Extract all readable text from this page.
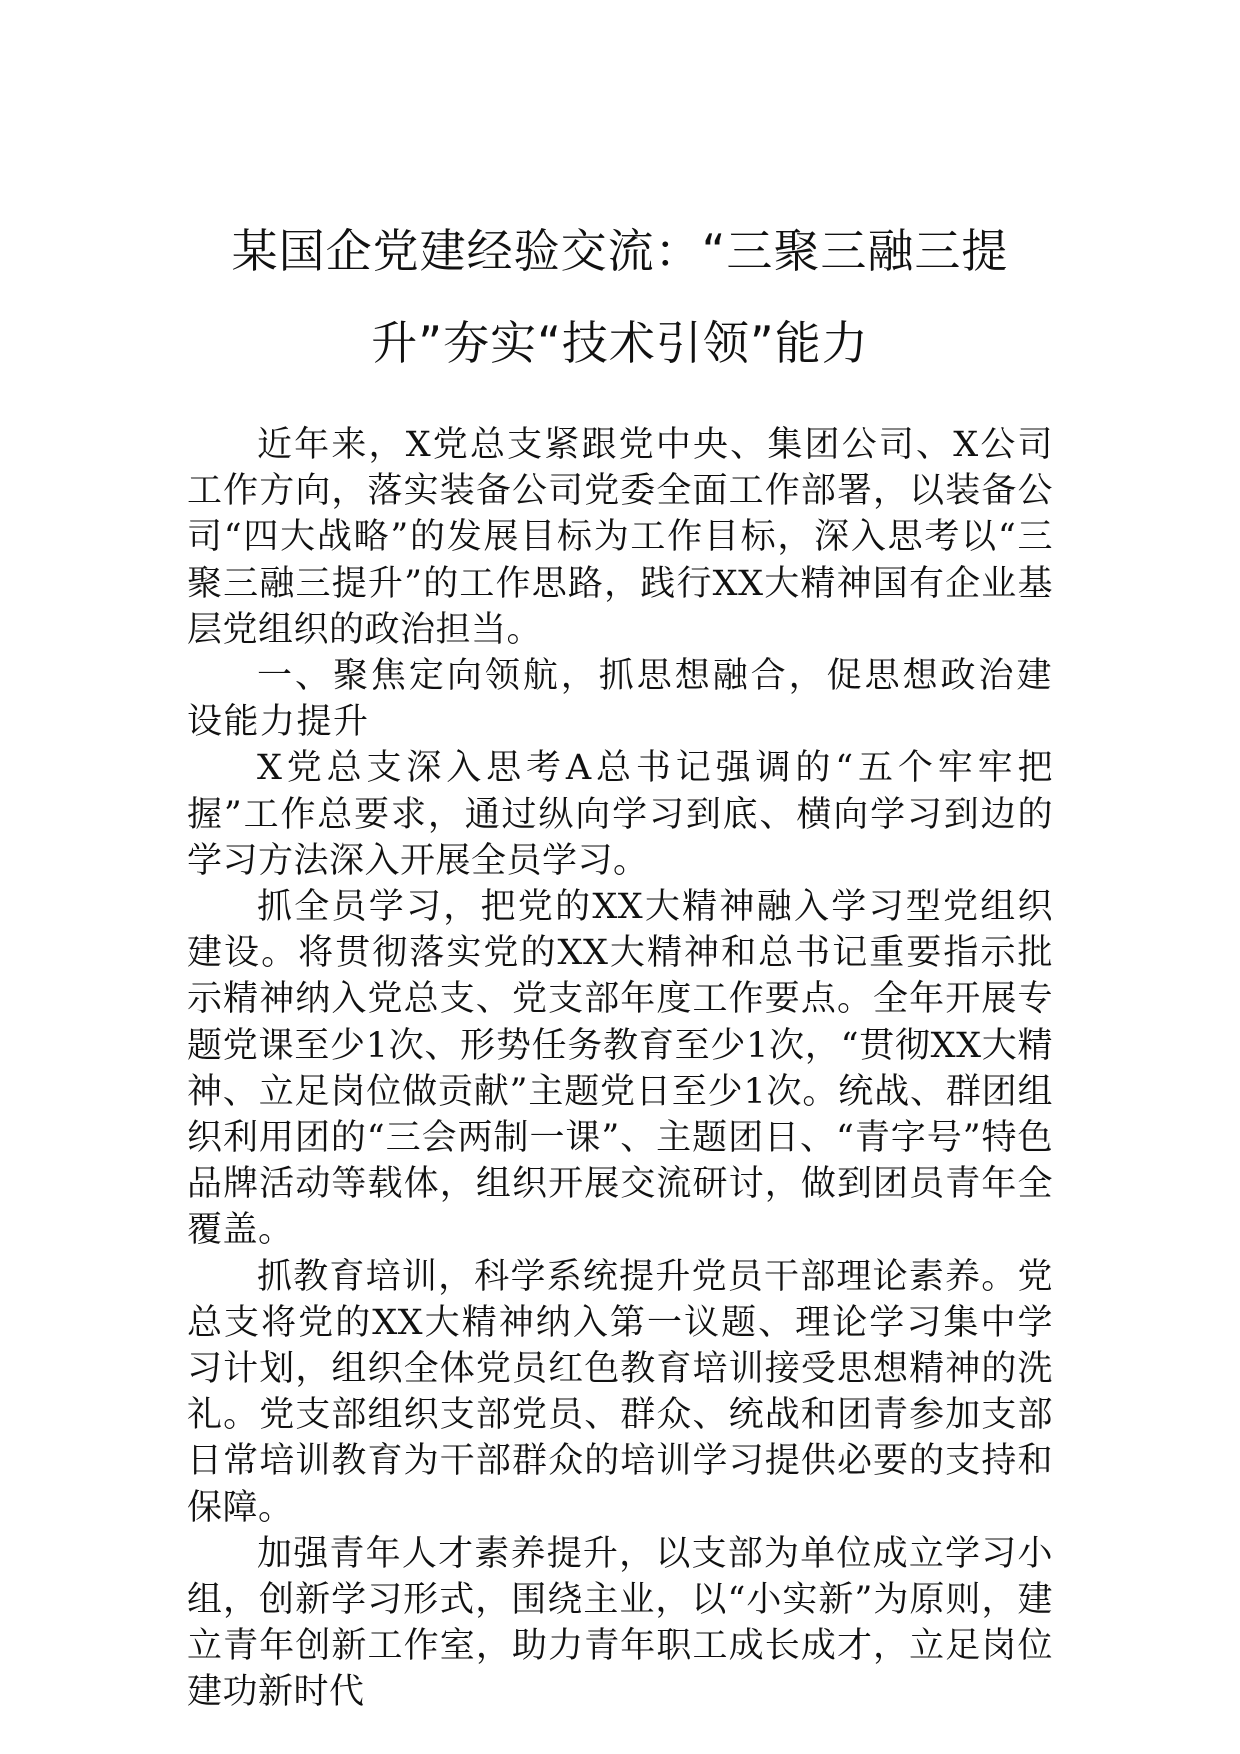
某国企党建经验交流：“三聚三融三提
升”夯实“技术引领”能力

近年来，X党总支紧跟党中央、集团公司、X公司工作方向，落实装备公司党委全面工作部署，以装备公司“四大战略”的发展目标为工作目标，深入思考以“三聚三融三提升”的工作思路，践行XX大精神国有企业基层党组织的政治担当。

一、聚焦定向领航，抓思想融合，促思想政治建设能力提升

X党总支深入思考A总书记强调的“五个牢牢把握”工作总要求，通过纵向学习到底、横向学习到边的学习方法深入开展全员学习。

抓全员学习，把党的XX大精神融入学习型党组织建设。将贯彻落实党的XX大精神和总书记重要指示批示精神纳入党总支、党支部年度工作要点。全年开展专题党课至少1次、形势任务教育至少1次，“贯彻XX大精神、立足岗位做贡献”主题党日至少1次。统战、群团组织利用团的“三会两制一课”、主题团日、“青字号”特色品牌活动等载体，组织开展交流研讨，做到团员青年全覆盖。

抓教育培训，科学系统提升党员干部理论素养。党总支将党的XX大精神纳入第一议题、理论学习集中学习计划，组织全体党员红色教育培训接受思想精神的洗礼。党支部组织支部党员、群众、统战和团青参加支部日常培训教育为干部群众的培训学习提供必要的支持和保障。

加强青年人才素养提升，以支部为单位成立学习小组，创新学习形式，围绕主业，以“小实新”为原则，建立青年创新工作室，助力青年职工成长成才，立足岗位建功新时代
